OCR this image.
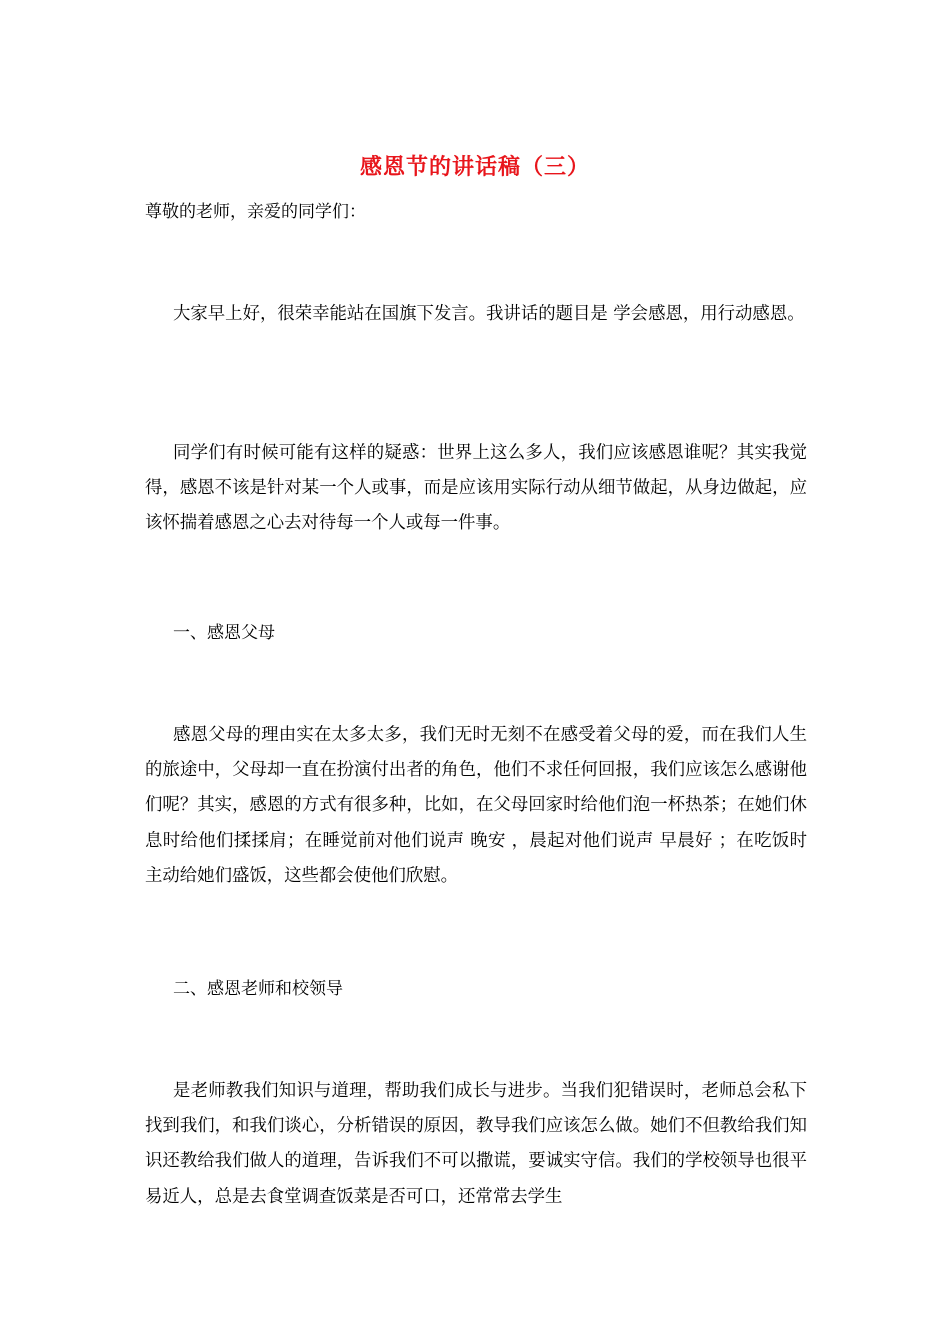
感恩节的讲话稿（三）
尊敬的老师，亲爱的同学们：

大家早上好，很荣幸能站在国旗下发言。我讲话的题目是 学会感恩，用行动感恩。

同学们有时候可能有这样的疑惑：世界上这么多人，我们应该感恩谁呢？其实我觉得，感恩不该是针对某一个人或事，而是应该用实际行动从细节做起，从身边做起，应该怀揣着感恩之心去对待每一个人或每一件事。

一、感恩父母

感恩父母的理由实在太多太多，我们无时无刻不在感受着父母的爱，而在我们人生的旅途中，父母却一直在扮演付出者的角色，他们不求任何回报，我们应该怎么感谢他们呢？其实，感恩的方式有很多种，比如，在父母回家时给他们泡一杯热茶；在她们休息时给他们揉揉肩；在睡觉前对他们说声 晚安 ，晨起对他们说声 早晨好 ；在吃饭时主动给她们盛饭，这些都会使他们欣慰。

二、感恩老师和校领导

是老师教我们知识与道理，帮助我们成长与进步。当我们犯错误时，老师总会私下找到我们，和我们谈心，分析错误的原因，教导我们应该怎么做。她们不但教给我们知识还教给我们做人的道理，告诉我们不可以撒谎，要诚实守信。我们的学校领导也很平易近人，总是去食堂调查饭菜是否可口，还常常去学生
